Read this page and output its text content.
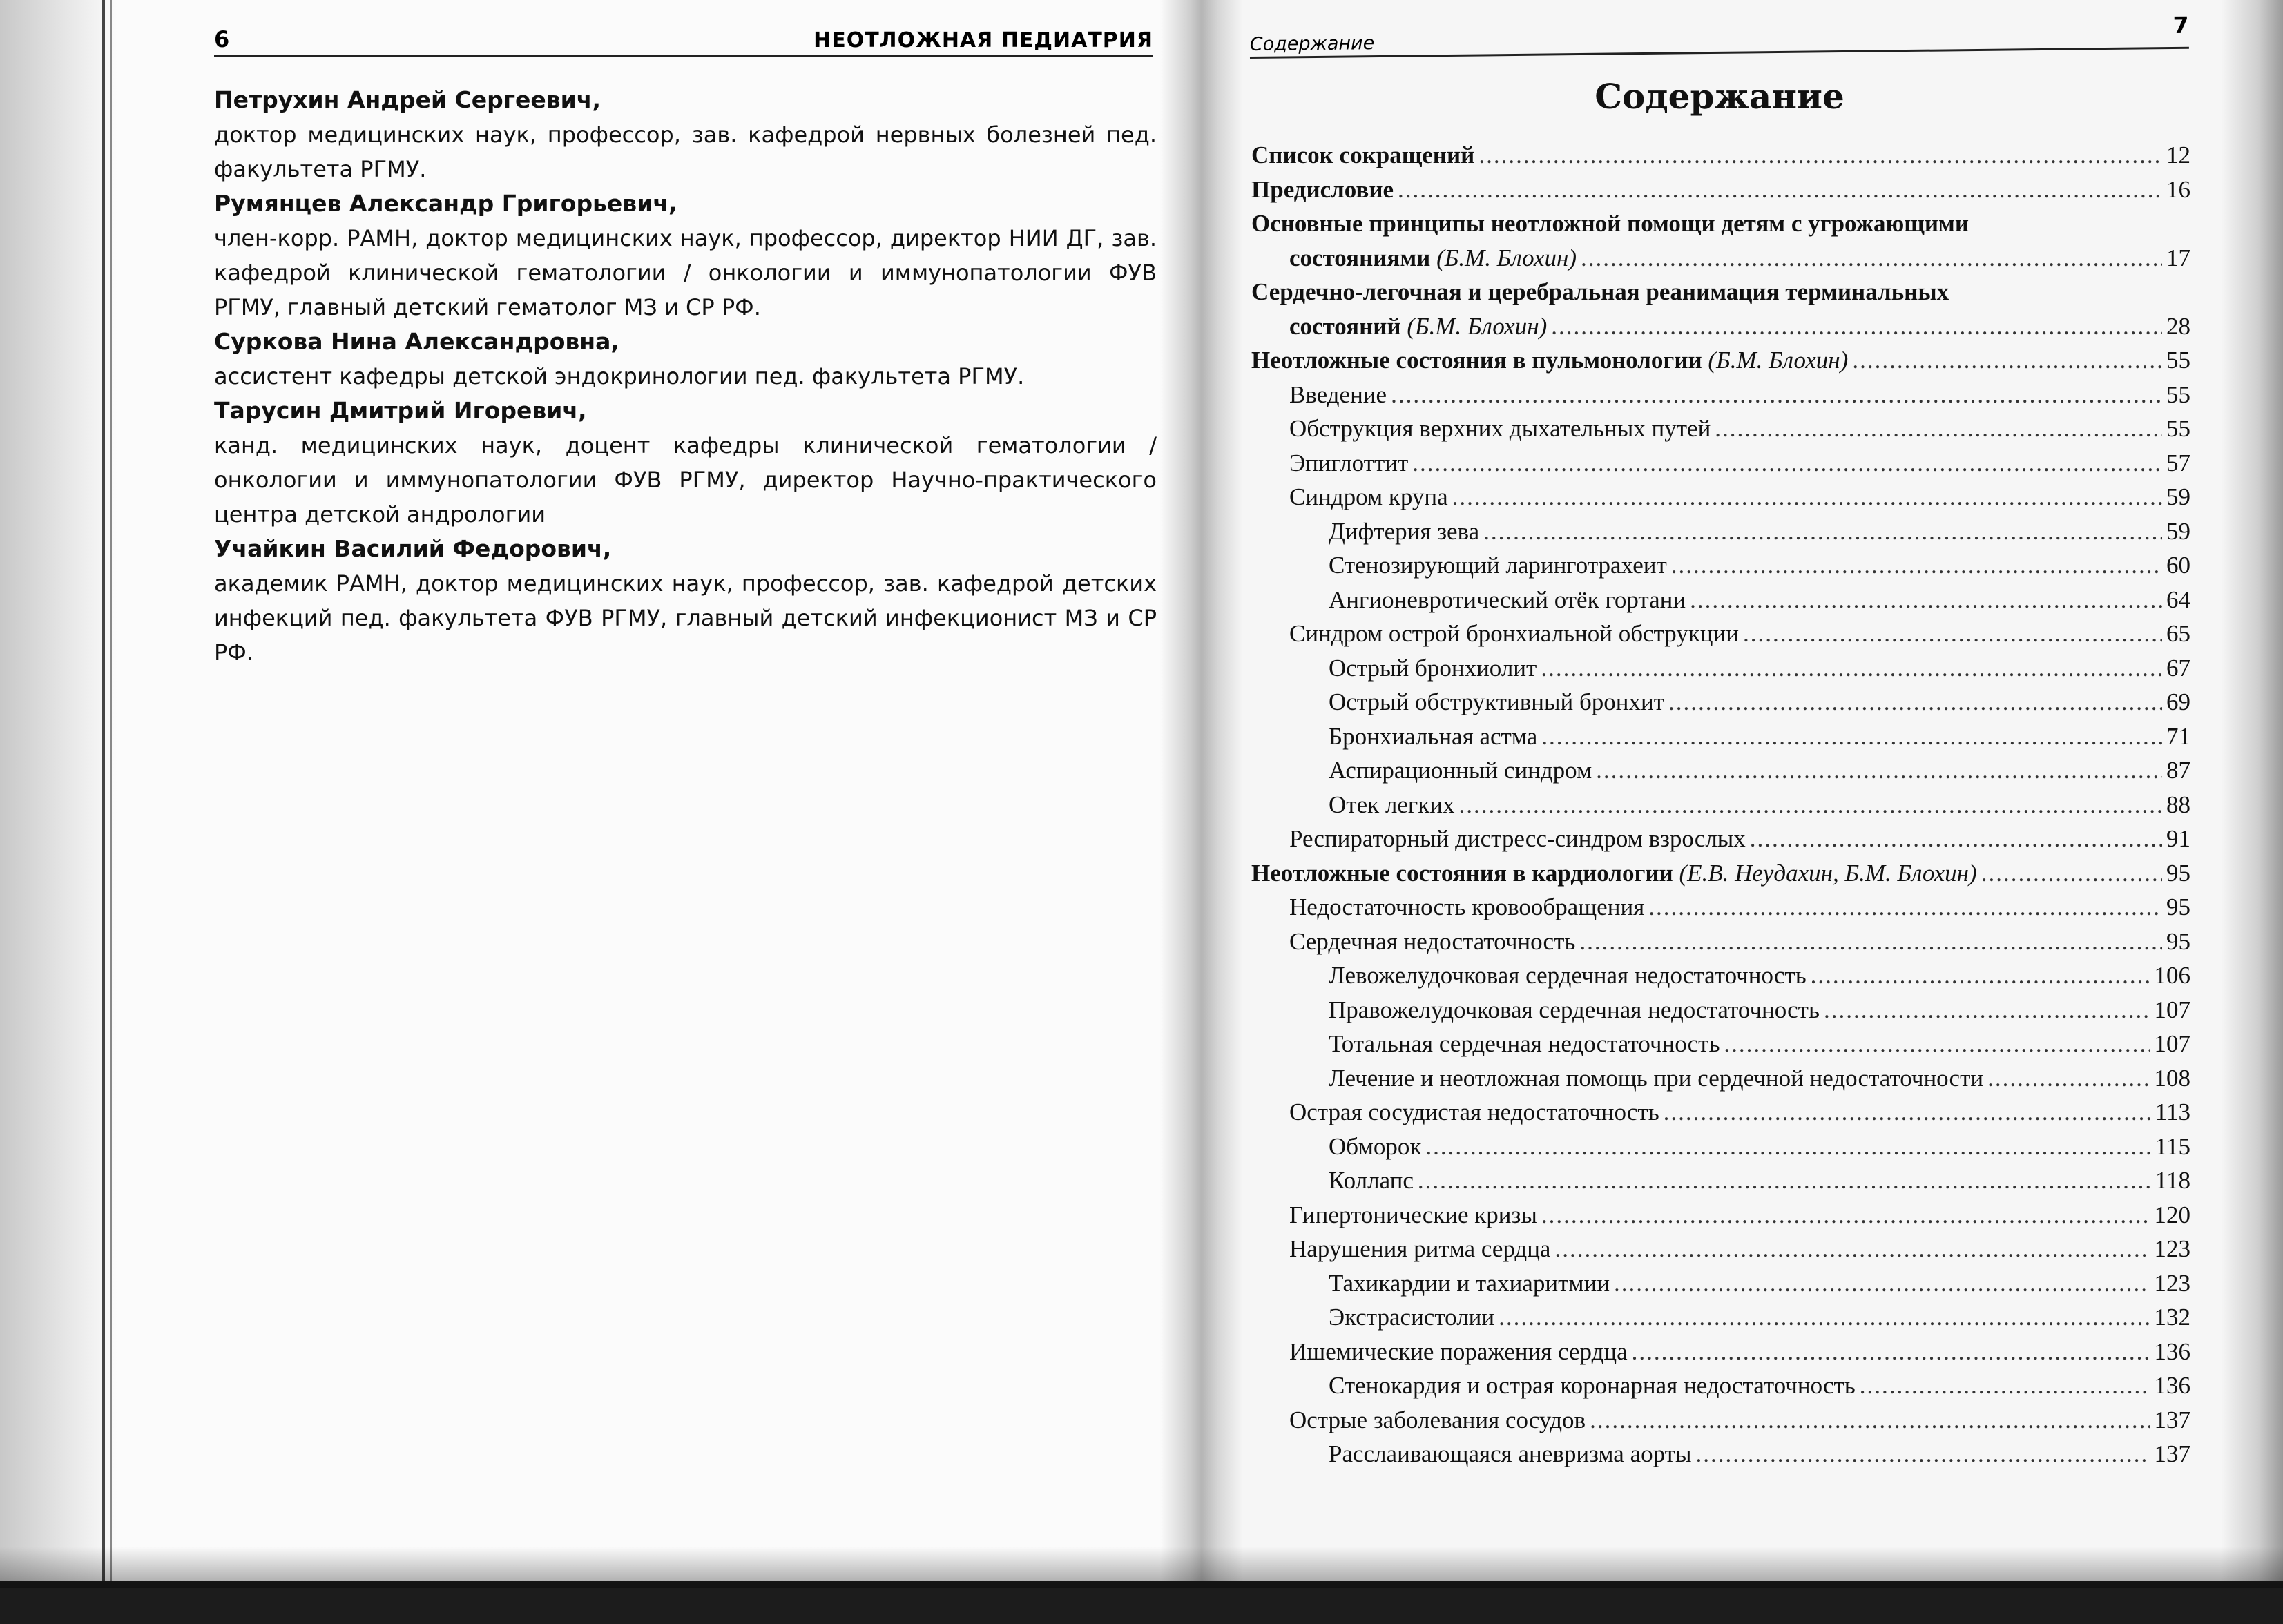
6	НЕОТЛОЖНАЯ ПЕДИАТРИЯ
Петрухин Андрей Сергеевич,
доктор медицинских наук, профессор, зав. кафедрой нервных болезней пед. факультета РГМУ.
Румянцев Александр Григорьевич,
член-корр. РАМН, доктор медицинских наук, профессор, директор НИИ ДГ, зав. кафедрой клинической гематологии / онкологии и иммунопатологии ФУВ РГМУ, главный детский гематолог МЗ и СР РФ.
Суркова Нина Александровна,
ассистент кафедры детской эндокринологии пед. факультета РГМУ.
Тарусин Дмитрий Игоревич,
канд. медицинских наук, доцент кафедры клинической гематологии / онкологии и иммунопатологии ФУВ РГМУ, директор Научно-практического центра детской андрологии
Учайкин Василий Федорович,
академик РАМН, доктор медицинских наук, профессор, зав. кафедрой детских инфекций пед. факультета ФУВ РГМУ, главный детский инфекционист МЗ и СР РФ.
Содержание
7
Содержание
Список сокращений .....	12
Предисловие .....	16
Основные принципы неотложной помощи детям с угрожающими
состояниями (Б.М. Блохин) .....	17
Сердечно-легочная и церебральная реанимация терминальных
состояний (Б.М. Блохин) .....	28
Неотложные состояния в пульмонологии (Б.М. Блохин) .....	55
Введение .....	55
Обструкция верхних дыхательных путей .....	55
Эпиглоттит .....	57
Синдром крупа .....	59
Дифтерия зева .....	59
Стенозирующий ларинготрахеит .....	60
Ангионевротический отёк гортани .....	64
Синдром острой бронхиальной обструкции .....	65
Острый бронхиолит .....	67
Острый обструктивный бронхит .....	69
Бронхиальная астма .....	71
Аспирационный синдром .....	87
Отек легких .....	88
Респираторный дистресс-синдром взрослых .....	91
Неотложные состояния в кардиологии (Е.В. Неудахин, Б.М. Блохин) .....	95
Недостаточность кровообращения .....	95
Сердечная недостаточность .....	95
Левожелудочковая сердечная недостаточность .....	106
Правожелудочковая сердечная недостаточность .....	107
Тотальная сердечная недостаточность .....	107
Лечение и неотложная помощь при сердечной недостаточности .....	108
Острая сосудистая недостаточность .....	113
Обморок .....	115
Коллапс .....	118
Гипертонические кризы .....	120
Нарушения ритма сердца .....	123
Тахикардии и тахиаритмии .....	123
Экстрасистолии .....	132
Ишемические поражения сердца .....	136
Стенокардия и острая коронарная недостаточность .....	136
Острые заболевания сосудов .....	137
Расслаивающаяся аневризма аорты .....	137
